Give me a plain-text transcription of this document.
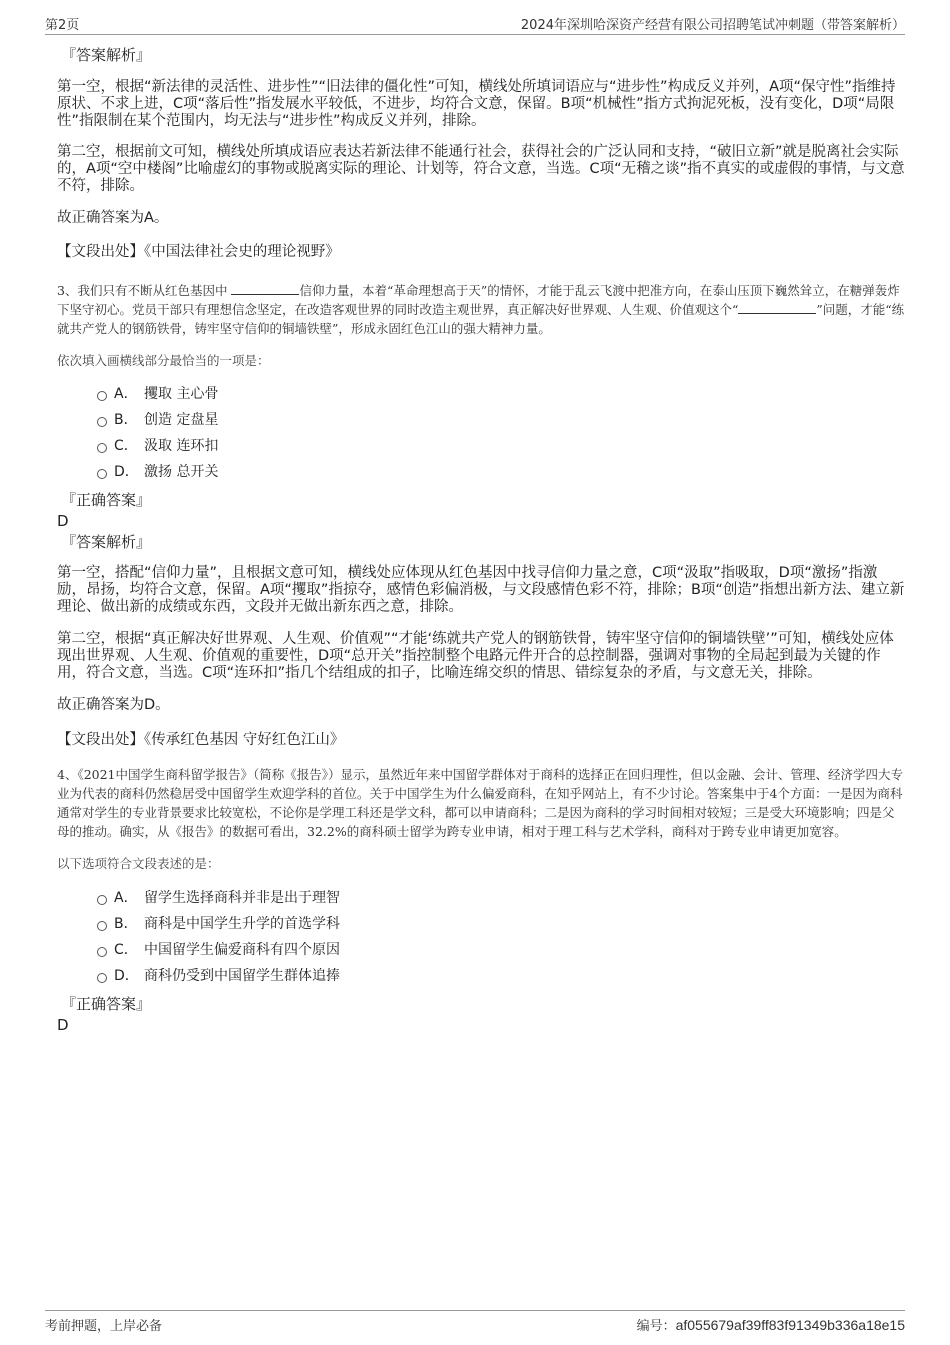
第2页	2024年深圳哈深资产经营有限公司招聘笔试冲刺题（带答案解析）
『答案解析』

第一空，根据“新法律的灵活性、进步性”“旧法律的僵化性”可知，横线处所填词语应与“进步性”构成反义并列，A项“保守性”指维持原状、不求上进，C项“落后性”指发展水平较低，不进步，均符合文意，保留。B项“机械性”指方式拘泥死板，没有变化，D项“局限性”指限制在某个范围内，均无法与“进步性”构成反义并列，排除。

第二空，根据前文可知，横线处所填成语应表达若新法律不能通行社会，获得社会的广泛认同和支持，“破旧立新”就是脱离社会实际的，A项“空中楼阁”比喻虚幻的事物或脱离实际的理论、计划等，符合文意，当选。C项“无稽之谈”指不真实的或虚假的事情，与文意不符，排除。

故正确答案为A。

【文段出处】《中国法律社会史的理论视野》

3、我们只有不断从红色基因中	信仰力量，本着“革命理想高于天”的情怀，才能于乱云飞渡中把准方向，在泰山压顶下巍然耸立，在糖弹轰炸下坚守初心。党员干部只有理想信念坚定，在改造客观世界的同时改造主观世界，真正解决好世界观、人生观、价值观这个“	”问题，才能“练就共产党人的钢筋铁骨，铸牢坚守信仰的铜墙铁壁”，形成永固红色江山的强大精神力量。

依次填入画横线部分最恰当的一项是：

A． 攫取 主心骨
B． 创造 定盘星
C． 汲取 连环扣
D． 激扬 总开关
『正确答案』
D
『答案解析』

第一空，搭配“信仰力量”，且根据文意可知，横线处应体现从红色基因中找寻信仰力量之意，C项“汲取”指吸取，D项“激扬”指激励，昂扬，均符合文意，保留。A项“攫取”指掠夺，感情色彩偏消极，与文段感情色彩不符，排除；B项“创造”指想出新方法、建立新理论、做出新的成绩或东西，文段并无做出新东西之意，排除。

第二空，根据“真正解决好世界观、人生观、价值观”“才能‘练就共产党人的钢筋铁骨，铸牢坚守信仰的铜墙铁壁’”可知，横线处应体现出世界观、人生观、价值观的重要性，D项“总开关”指控制整个电路元件开合的总控制器，强调对事物的全局起到最为关键的作用，符合文意，当选。C项“连环扣”指几个结组成的扣子，比喻连绵交织的情思、错综复杂的矛盾，与文意无关，排除。

故正确答案为D。

【文段出处】《传承红色基因 守好红色江山》

4、《2021中国学生商科留学报告》（简称《报告》）显示，虽然近年来中国留学群体对于商科的选择正在回归理性，但以金融、会计、管理、经济学四大专业为代表的商科仍然稳居受中国留学生欢迎学科的首位。关于中国学生为什么偏爱商科，在知乎网站上，有不少讨论。答案集中于4个方面：一是因为商科通常对学生的专业背景要求比较宽松，不论你是学理工科还是学文科，都可以申请商科；二是因为商科的学习时间相对较短；三是受大环境影响；四是父母的推动。确实，从《报告》的数据可看出，32.2%的商科硕士留学为跨专业申请，相对于理工科与艺术学科，商科对于跨专业申请更加宽容。

以下选项符合文段表述的是：

A． 留学生选择商科并非是出于理智
B． 商科是中国学生升学的首选学科
C． 中国留学生偏爱商科有四个原因
D． 商科仍受到中国留学生群体追捧
『正确答案』
D
考前押题，上岸必备	编号：af055679af39ff83f91349b336a18e15
